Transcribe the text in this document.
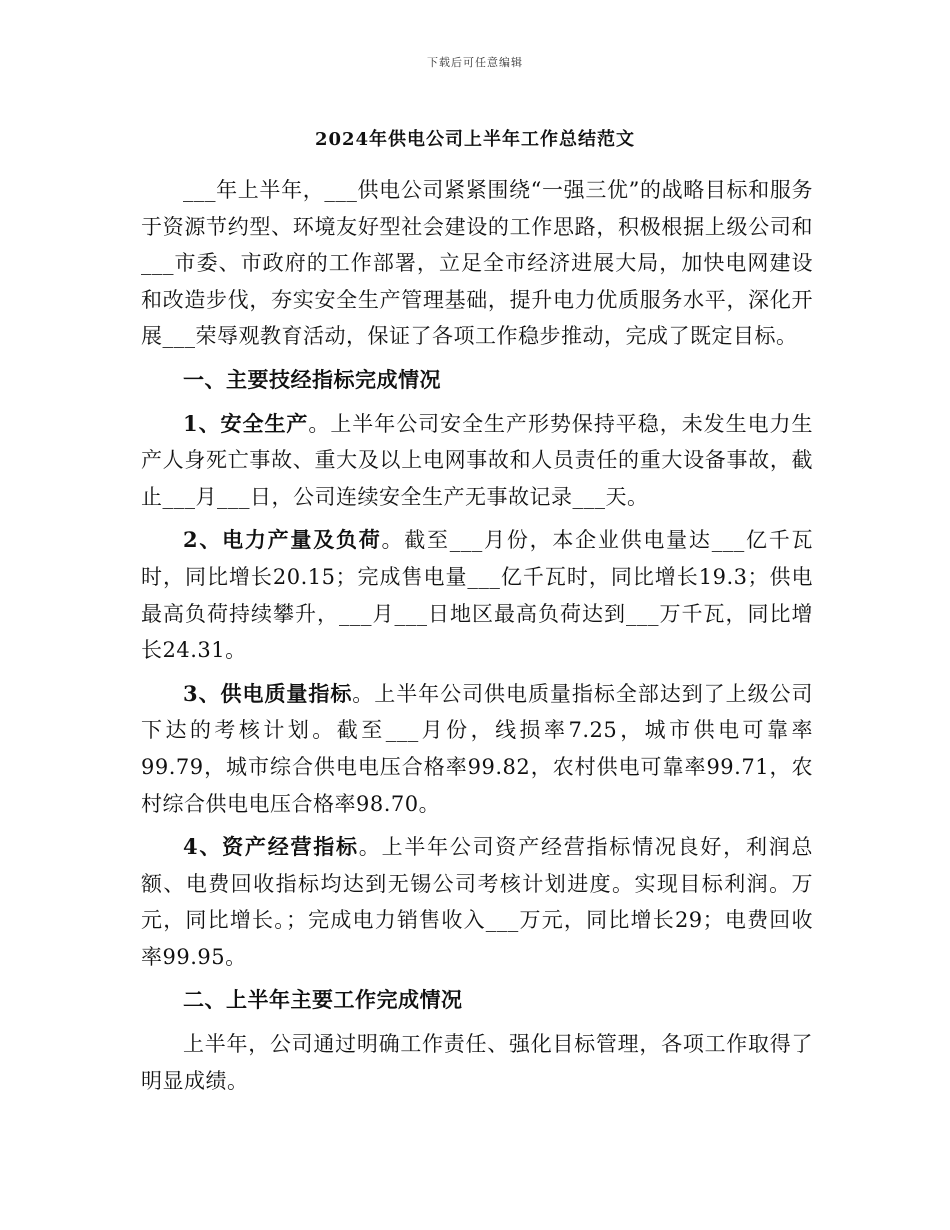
下载后可任意编辑
2024年供电公司上半年工作总结范文

___年上半年，___供电公司紧紧围绕“一强三优”的战略目标和服务于资源节约型、环境友好型社会建设的工作思路，积极根据上级公司和___市委、市政府的工作部署，立足全市经济进展大局，加快电网建设和改造步伐，夯实安全生产管理基础，提升电力优质服务水平，深化开展___荣辱观教育活动，保证了各项工作稳步推动，完成了既定目标。

一、主要技经指标完成情况

1、安全生产。上半年公司安全生产形势保持平稳，未发生电力生产人身死亡事故、重大及以上电网事故和人员责任的重大设备事故，截止___月___日，公司连续安全生产无事故记录___天。

2、电力产量及负荷。截至___月份，本企业供电量达___亿千瓦时，同比增长20.15；完成售电量___亿千瓦时，同比增长19.3；供电最高负荷持续攀升，___月___日地区最高负荷达到___万千瓦，同比增长24.31。

3、供电质量指标。上半年公司供电质量指标全部达到了上级公司下达的考核计划。截至___月份，线损率7.25，城市供电可靠率99.79，城市综合供电电压合格率99.82，农村供电可靠率99.71，农村综合供电电压合格率98.70。

4、资产经营指标。上半年公司资产经营指标情况良好，利润总额、电费回收指标均达到无锡公司考核计划进度。实现目标利润。万元，同比增长。；完成电力销售收入___万元，同比增长29；电费回收率99.95。

二、上半年主要工作完成情况

上半年，公司通过明确工作责任、强化目标管理，各项工作取得了明显成绩。
